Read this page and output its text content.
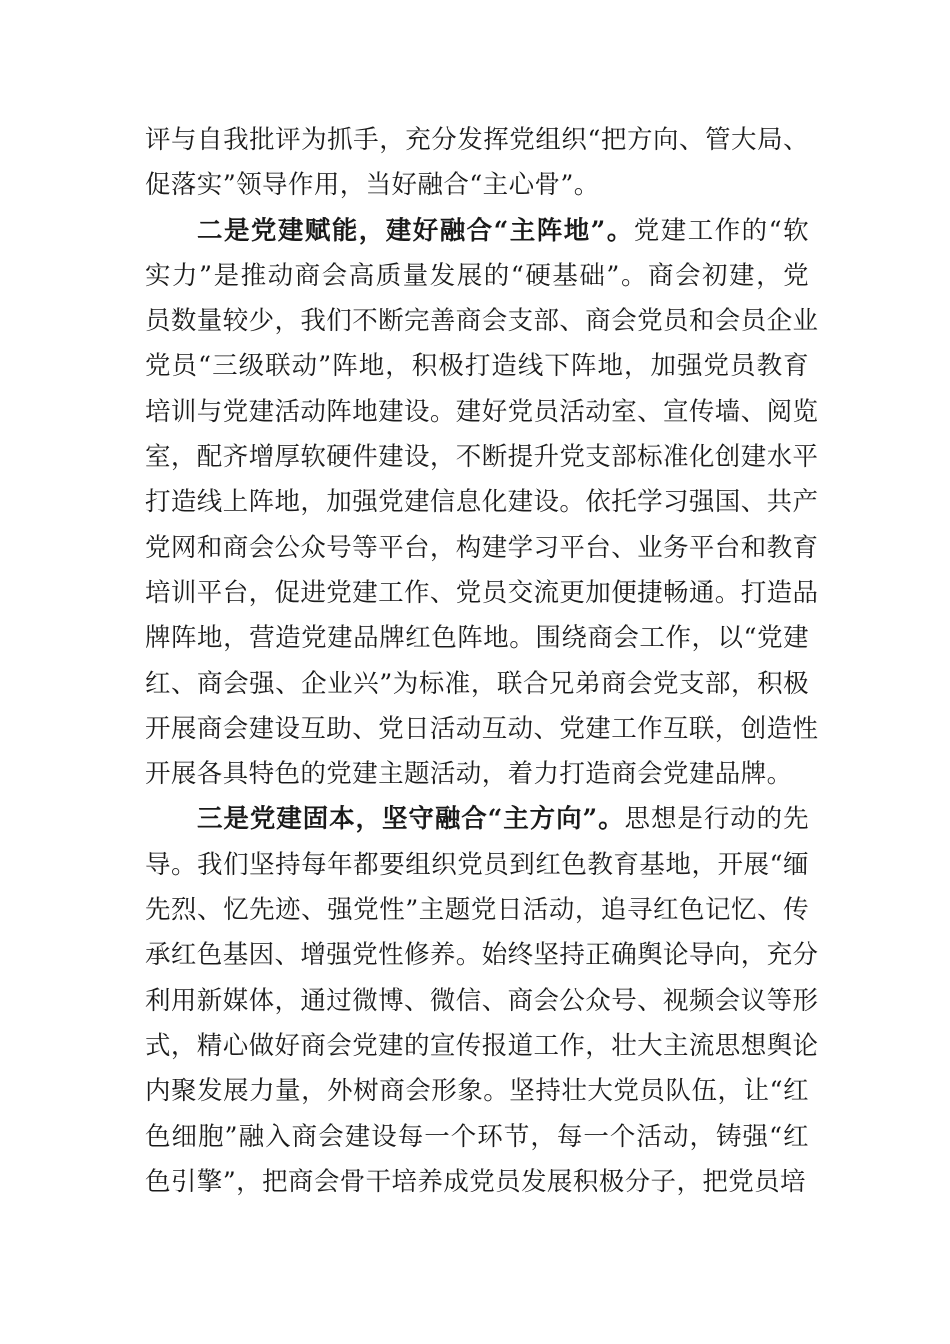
评与自我批评为抓手，充分发挥党组织“把方向、管大局、
促落实”领导作用，当好融合“主心骨”。
二是党建赋能，建好融合“主阵地”。党建工作的“软
实力”是推动商会高质量发展的“硬基础”。商会初建，党
员数量较少，我们不断完善商会支部、商会党员和会员企业
党员“三级联动”阵地，积极打造线下阵地，加强党员教育
培训与党建活动阵地建设。建好党员活动室、宣传墙、阅览
室，配齐增厚软硬件建设，不断提升党支部标准化创建水平
打造线上阵地，加强党建信息化建设。依托学习强国、共产
党网和商会公众号等平台，构建学习平台、业务平台和教育
培训平台，促进党建工作、党员交流更加便捷畅通。打造品
牌阵地，营造党建品牌红色阵地。围绕商会工作，以“党建
红、商会强、企业兴”为标准，联合兄弟商会党支部，积极
开展商会建设互助、党日活动互动、党建工作互联，创造性
开展各具特色的党建主题活动，着力打造商会党建品牌。
三是党建固本，坚守融合“主方向”。思想是行动的先
导。我们坚持每年都要组织党员到红色教育基地，开展“缅
先烈、忆先迹、强党性”主题党日活动，追寻红色记忆、传
承红色基因、增强党性修养。始终坚持正确舆论导向，充分
利用新媒体，通过微博、微信、商会公众号、视频会议等形
式，精心做好商会党建的宣传报道工作，壮大主流思想舆论
内聚发展力量，外树商会形象。坚持壮大党员队伍，让“红
色细胞”融入商会建设每一个环节，每一个活动，铸强“红
色引擎”，把商会骨干培养成党员发展积极分子，把党员培
